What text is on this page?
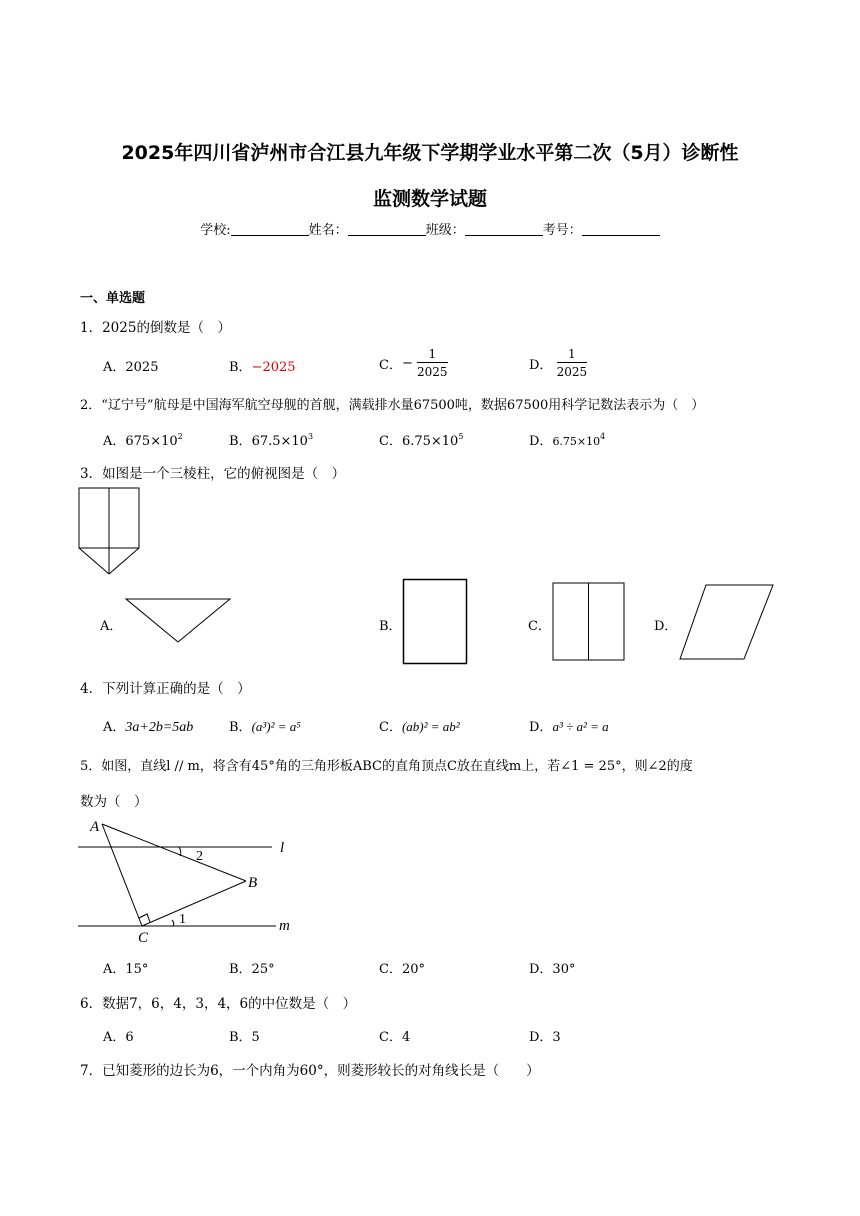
2025年四川省泸州市合江县九年级下学期学业水平第二次（5月）诊断性
监测数学试题
学校:	姓名：	班级：	考号：
一、单选题
1．2025的倒数是（　）
A．2025	B．−2025	C．− $\frac{1}{2025}$	D． $\frac{1}{2025}$
2．“辽宁号”航母是中国海军航空母舰的首舰，满载排水量67500吨，数据67500用科学记数法表示为（　）
A．$675\times 10^2$	B．$67.5\times 10^3$	C．$6.75\times 10^5$	D．$6.75\times 10^4$
3．如图是一个三棱柱，它的俯视图是（　）
A．	B．	C．	D．
4．下列计算正确的是（　）
A．3a+2b=5ab	B．(a³)² = a⁵	C．(ab)² = ab²	D．a³ ÷ a² = a
5．如图，直线l // m，将含有45°角的三角形板ABC的直角顶点C放在直线m上，若∠1 = 25°，则∠2的度
数为（　）
A
B
C
l
m
2
1
A．15°	B．25°	C．20°	D．30°
6．数据7，6，4，3，4，6的中位数是（　）
A．6	B．5	C．4	D．3
7．已知菱形的边长为6，一个内角为60°，则菱形较长的对角线长是（　　）
